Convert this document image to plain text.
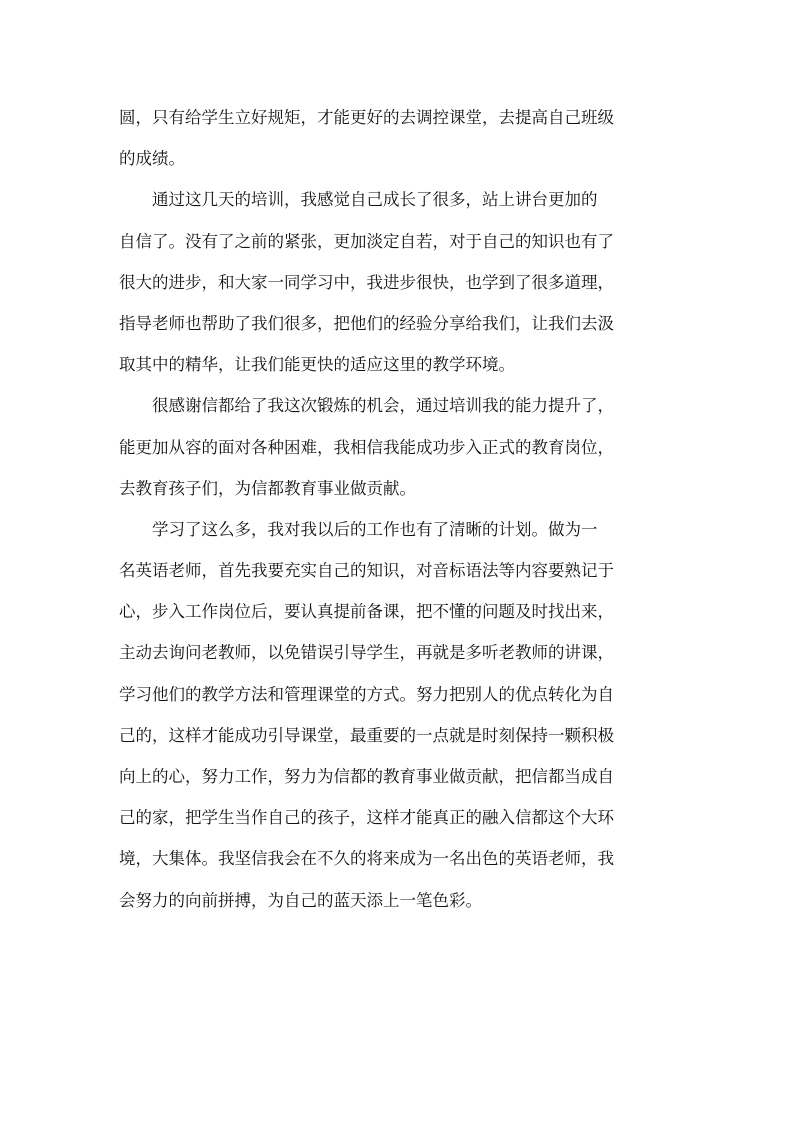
圆，只有给学生立好规矩，才能更好的去调控课堂，去提高自己班级
的成绩。
通过这几天的培训，我感觉自己成长了很多，站上讲台更加的
自信了。没有了之前的紧张，更加淡定自若，对于自己的知识也有了
很大的进步，和大家一同学习中，我进步很快，也学到了很多道理，
指导老师也帮助了我们很多，把他们的经验分享给我们，让我们去汲
取其中的精华，让我们能更快的适应这里的教学环境。
很感谢信都给了我这次锻炼的机会，通过培训我的能力提升了，
能更加从容的面对各种困难，我相信我能成功步入正式的教育岗位，
去教育孩子们，为信都教育事业做贡献。
学习了这么多，我对我以后的工作也有了清晰的计划。做为一
名英语老师，首先我要充实自己的知识，对音标语法等内容要熟记于
心，步入工作岗位后，要认真提前备课，把不懂的问题及时找出来，
主动去询问老教师，以免错误引导学生，再就是多听老教师的讲课，
学习他们的教学方法和管理课堂的方式。努力把别人的优点转化为自
己的，这样才能成功引导课堂，最重要的一点就是时刻保持一颗积极
向上的心，努力工作，努力为信都的教育事业做贡献，把信都当成自
己的家，把学生当作自己的孩子，这样才能真正的融入信都这个大环
境，大集体。我坚信我会在不久的将来成为一名出色的英语老师，我
会努力的向前拼搏，为自己的蓝天添上一笔色彩。
